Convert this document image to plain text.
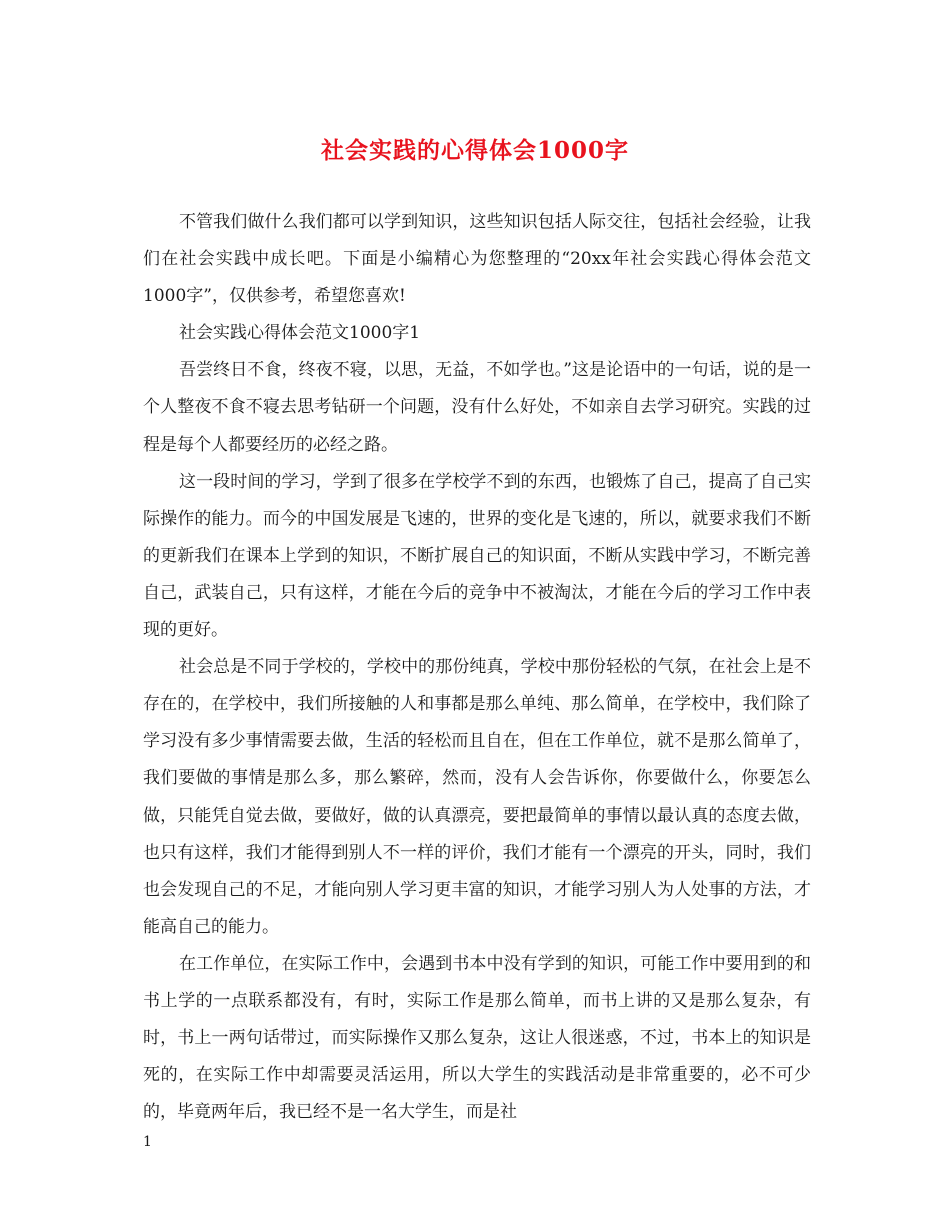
社会实践的心得体会1000字

不管我们做什么我们都可以学到知识，这些知识包括人际交往，包括社会经验，让我们在社会实践中成长吧。下面是小编精心为您整理的“20xx年社会实践心得体会范文1000字”，仅供参考，希望您喜欢!

社会实践心得体会范文1000字1

吾尝终日不食，终夜不寝，以思，无益，不如学也。”这是论语中的一句话，说的是一个人整夜不食不寝去思考钻研一个问题，没有什么好处，不如亲自去学习研究。实践的过程是每个人都要经历的必经之路。

这一段时间的学习，学到了很多在学校学不到的东西，也锻炼了自己，提高了自己实际操作的能力。而今的中国发展是飞速的，世界的变化是飞速的，所以，就要求我们不断的更新我们在课本上学到的知识，不断扩展自己的知识面，不断从实践中学习，不断完善自己，武装自己，只有这样，才能在今后的竞争中不被淘汰，才能在今后的学习工作中表现的更好。

社会总是不同于学校的，学校中的那份纯真，学校中那份轻松的气氛，在社会上是不存在的，在学校中，我们所接触的人和事都是那么单纯、那么简单，在学校中，我们除了学习没有多少事情需要去做，生活的轻松而且自在，但在工作单位，就不是那么简单了，我们要做的事情是那么多，那么繁碎，然而，没有人会告诉你，你要做什么，你要怎么做，只能凭自觉去做，要做好，做的认真漂亮，要把最简单的事情以最认真的态度去做，也只有这样，我们才能得到别人不一样的评价，我们才能有一个漂亮的开头，同时，我们也会发现自己的不足，才能向别人学习更丰富的知识，才能学习别人为人处事的方法，才能高自己的能力。

在工作单位，在实际工作中，会遇到书本中没有学到的知识，可能工作中要用到的和书上学的一点联系都没有，有时，实际工作是那么简单，而书上讲的又是那么复杂，有时，书上一两句话带过，而实际操作又那么复杂，这让人很迷惑，不过，书本上的知识是死的，在实际工作中却需要灵活运用，所以大学生的实践活动是非常重要的，必不可少的，毕竟两年后，我已经不是一名大学生，而是社

1
